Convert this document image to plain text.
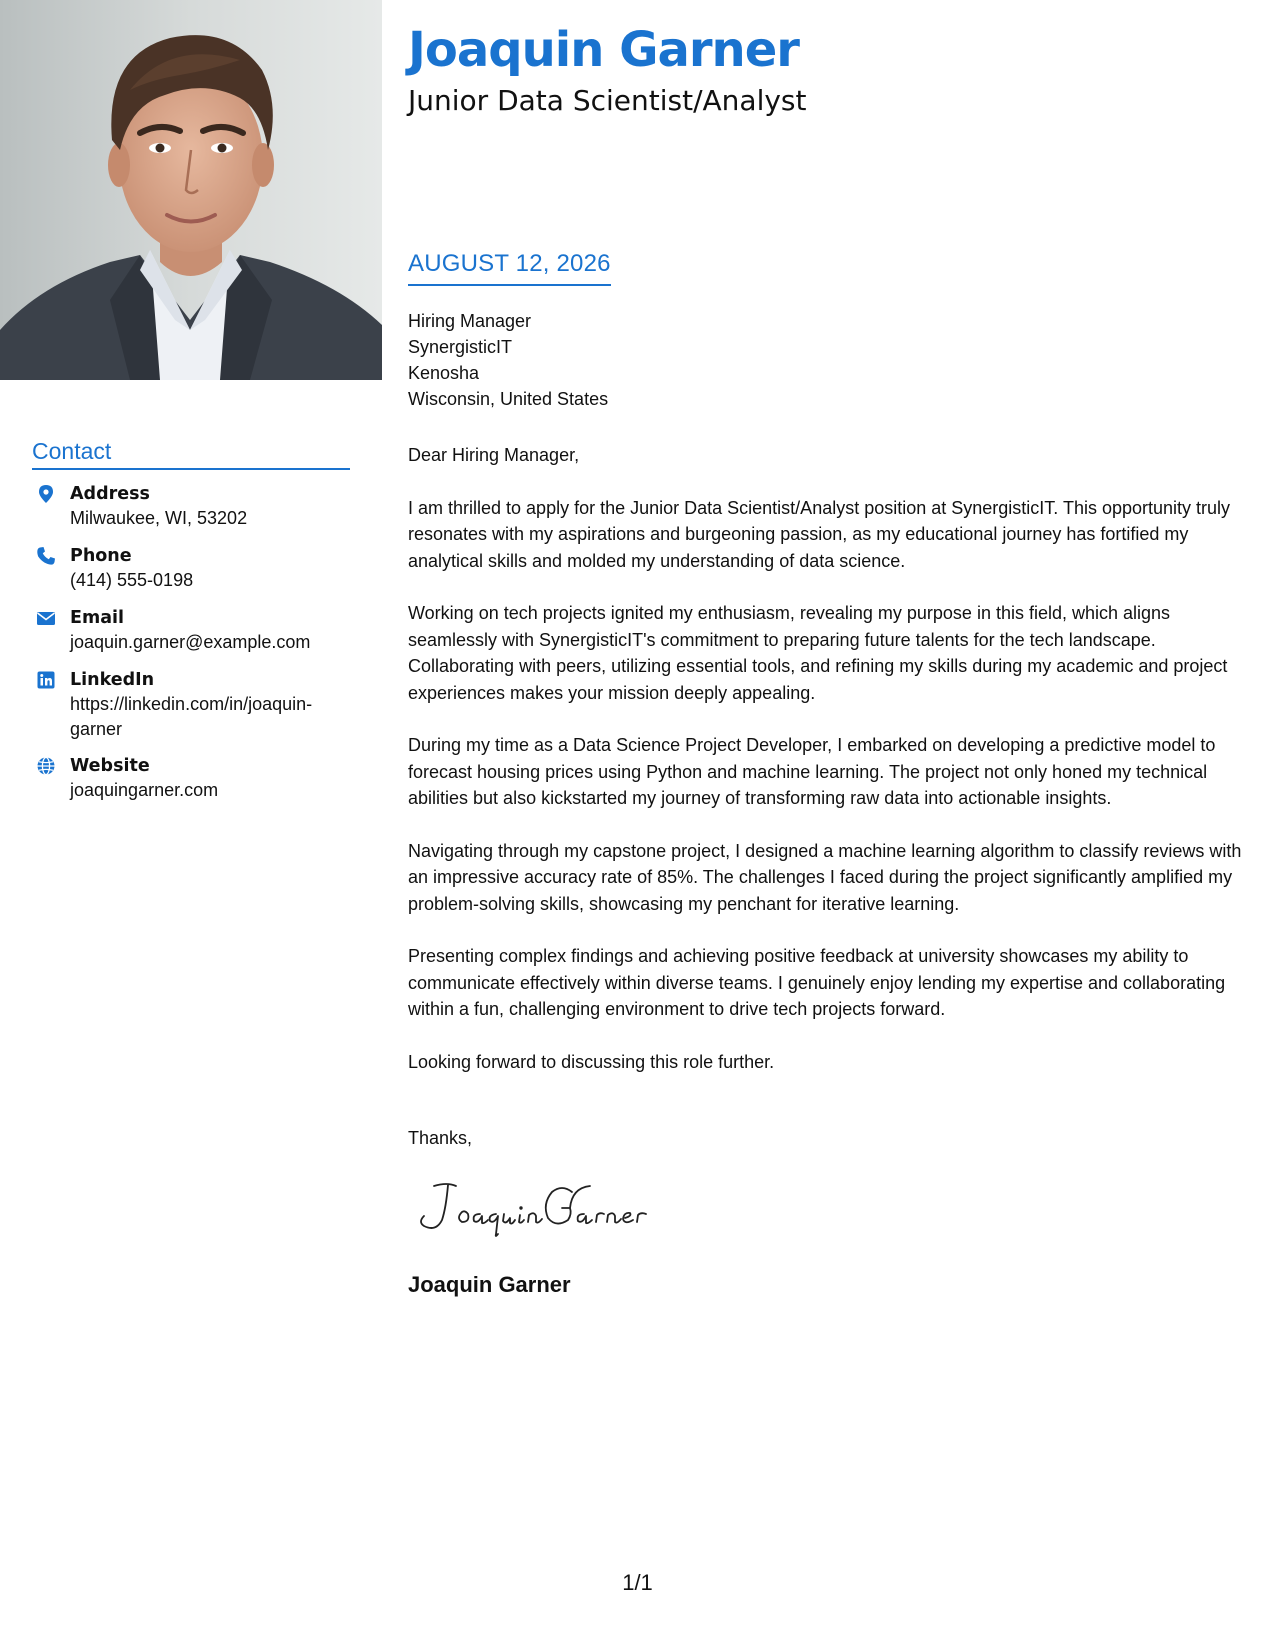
Joaquin Garner
Junior Data Scientist/Analyst
AUGUST 12, 2026
Hiring Manager
SynergisticIT
Kenosha
Wisconsin, United States

Dear Hiring Manager,

I am thrilled to apply for the Junior Data Scientist/Analyst position at SynergisticIT. This opportunity truly resonates with my aspirations and burgeoning passion, as my educational journey has fortified my analytical skills and molded my understanding of data science.

Working on tech projects ignited my enthusiasm, revealing my purpose in this field, which aligns seamlessly with SynergisticIT's commitment to preparing future talents for the tech landscape. Collaborating with peers, utilizing essential tools, and refining my skills during my academic and project experiences makes your mission deeply appealing.

During my time as a Data Science Project Developer, I embarked on developing a predictive model to forecast housing prices using Python and machine learning. The project not only honed my technical abilities but also kickstarted my journey of transforming raw data into actionable insights.

Navigating through my capstone project, I designed a machine learning algorithm to classify reviews with an impressive accuracy rate of 85%. The challenges I faced during the project significantly amplified my problem-solving skills, showcasing my penchant for iterative learning.

Presenting complex findings and achieving positive feedback at university showcases my ability to communicate effectively within diverse teams. I genuinely enjoy lending my expertise and collaborating within a fun, challenging environment to drive tech projects forward.

Looking forward to discussing this role further.

Thanks,
Joaquin Garner
Contact
Address
Milwaukee, WI, 53202
Phone
(414) 555-0198
Email
joaquin.garner@example.com
LinkedIn
https://linkedin.com/in/joaquin-garner
Website
joaquingarner.com
1/1
